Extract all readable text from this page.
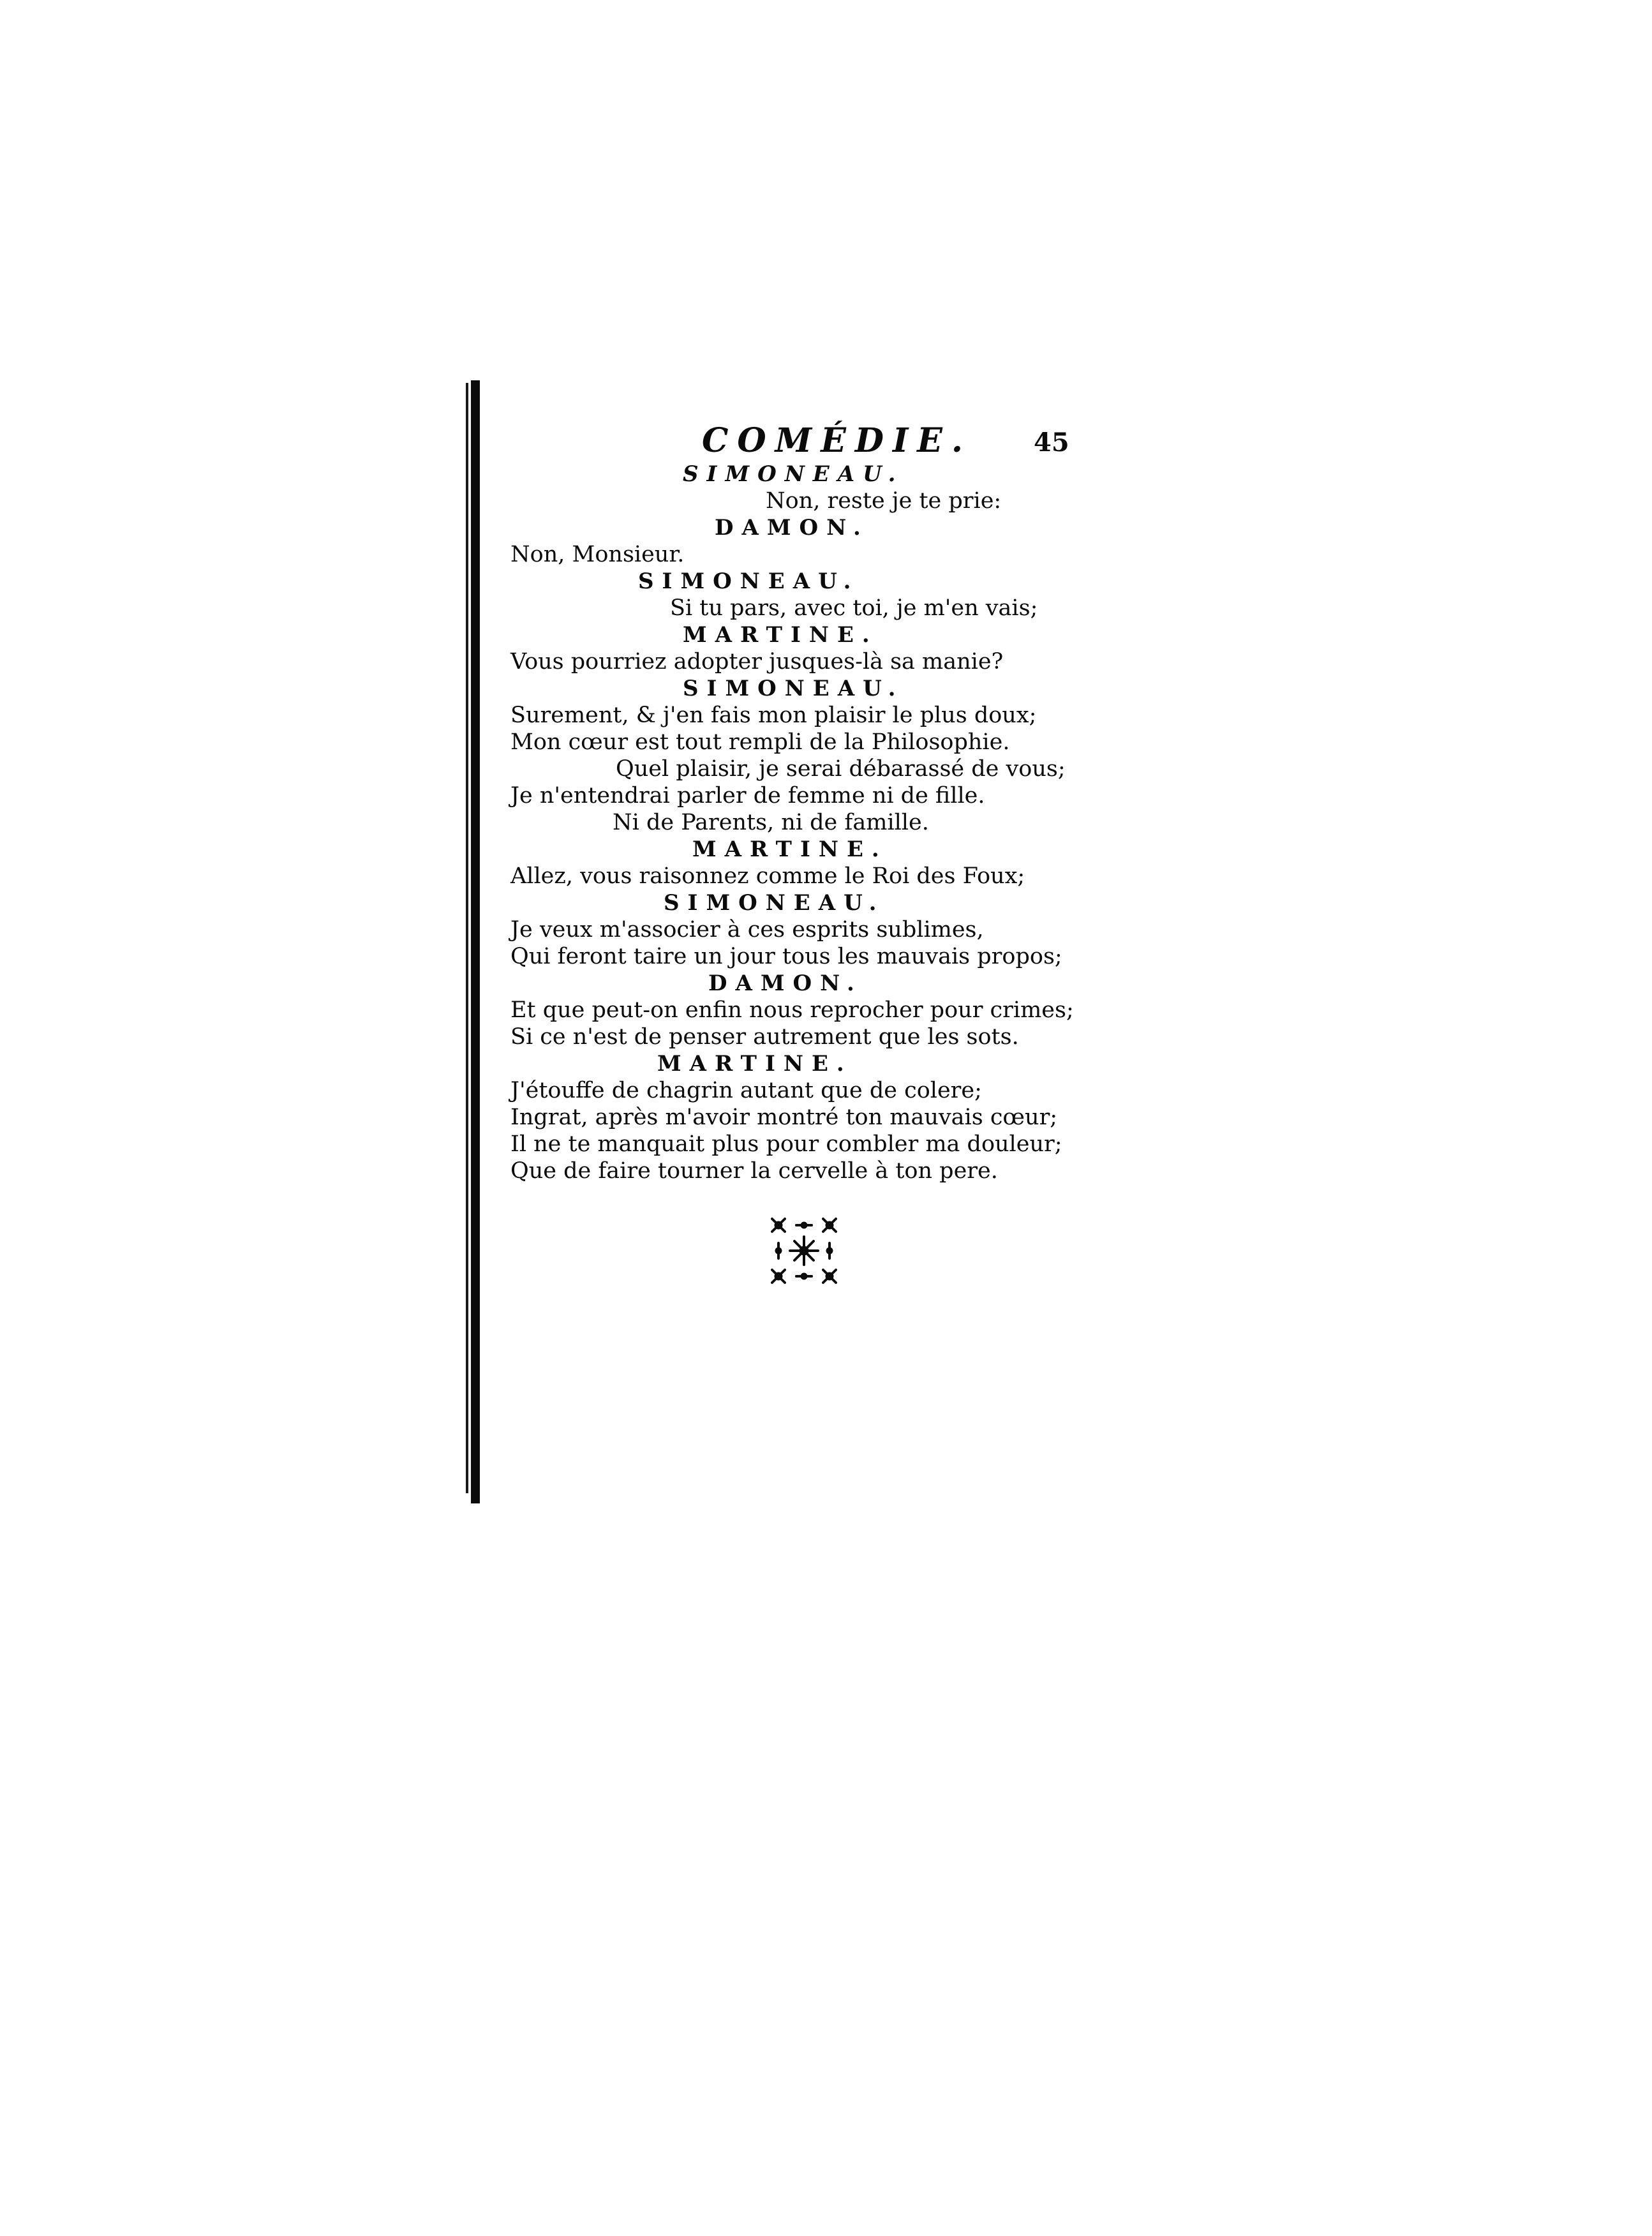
COMÉDIE. 45
SIMONEAU.
Non, reste je te prie:
DAMON.
Non, Monsieur.
SIMONEAU.
Si tu pars, avec toi, je m'en vais;
MARTINE.
Vous pourriez adopter jusques-là sa manie?
SIMONEAU.
Surement, & j'en fais mon plaisir le plus doux;
Mon cœur est tout rempli de la Philosophie.
Quel plaisir, je serai débarassé de vous;
Je n'entendrai parler de femme ni de fille.
Ni de Parents, ni de famille.
MARTINE.
Allez, vous raisonnez comme le Roi des Foux;
SIMONEAU.
Je veux m'associer à ces esprits sublimes,
Qui feront taire un jour tous les mauvais propos;
DAMON.
Et que peut-on enfin nous reprocher pour crimes;
Si ce n'est de penser autrement que les sots.
MARTINE.
J'étouffe de chagrin autant que de colere;
Ingrat, après m'avoir montré ton mauvais cœur;
Il ne te manquait plus pour combler ma douleur;
Que de faire tourner la cervelle à ton pere.
